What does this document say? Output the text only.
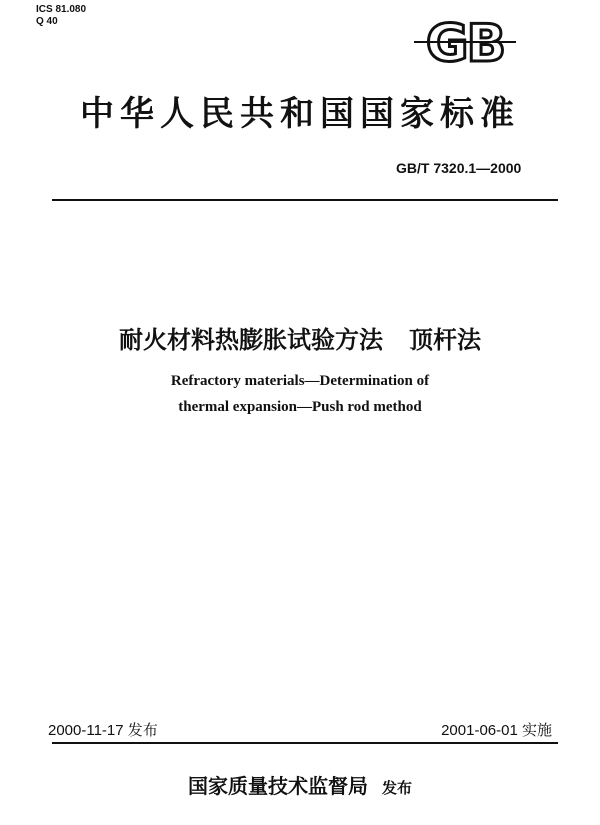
ICS 81.080
Q 40	GB
中华人民共和国国家标准
GB/T 7320.1—2000
耐火材料热膨胀试验方法 顶杆法
Refractory materials—Determination of
thermal expansion—Push rod method
2000-11-17 发布	2001-06-01 实施
国家质量技术监督局 发布
